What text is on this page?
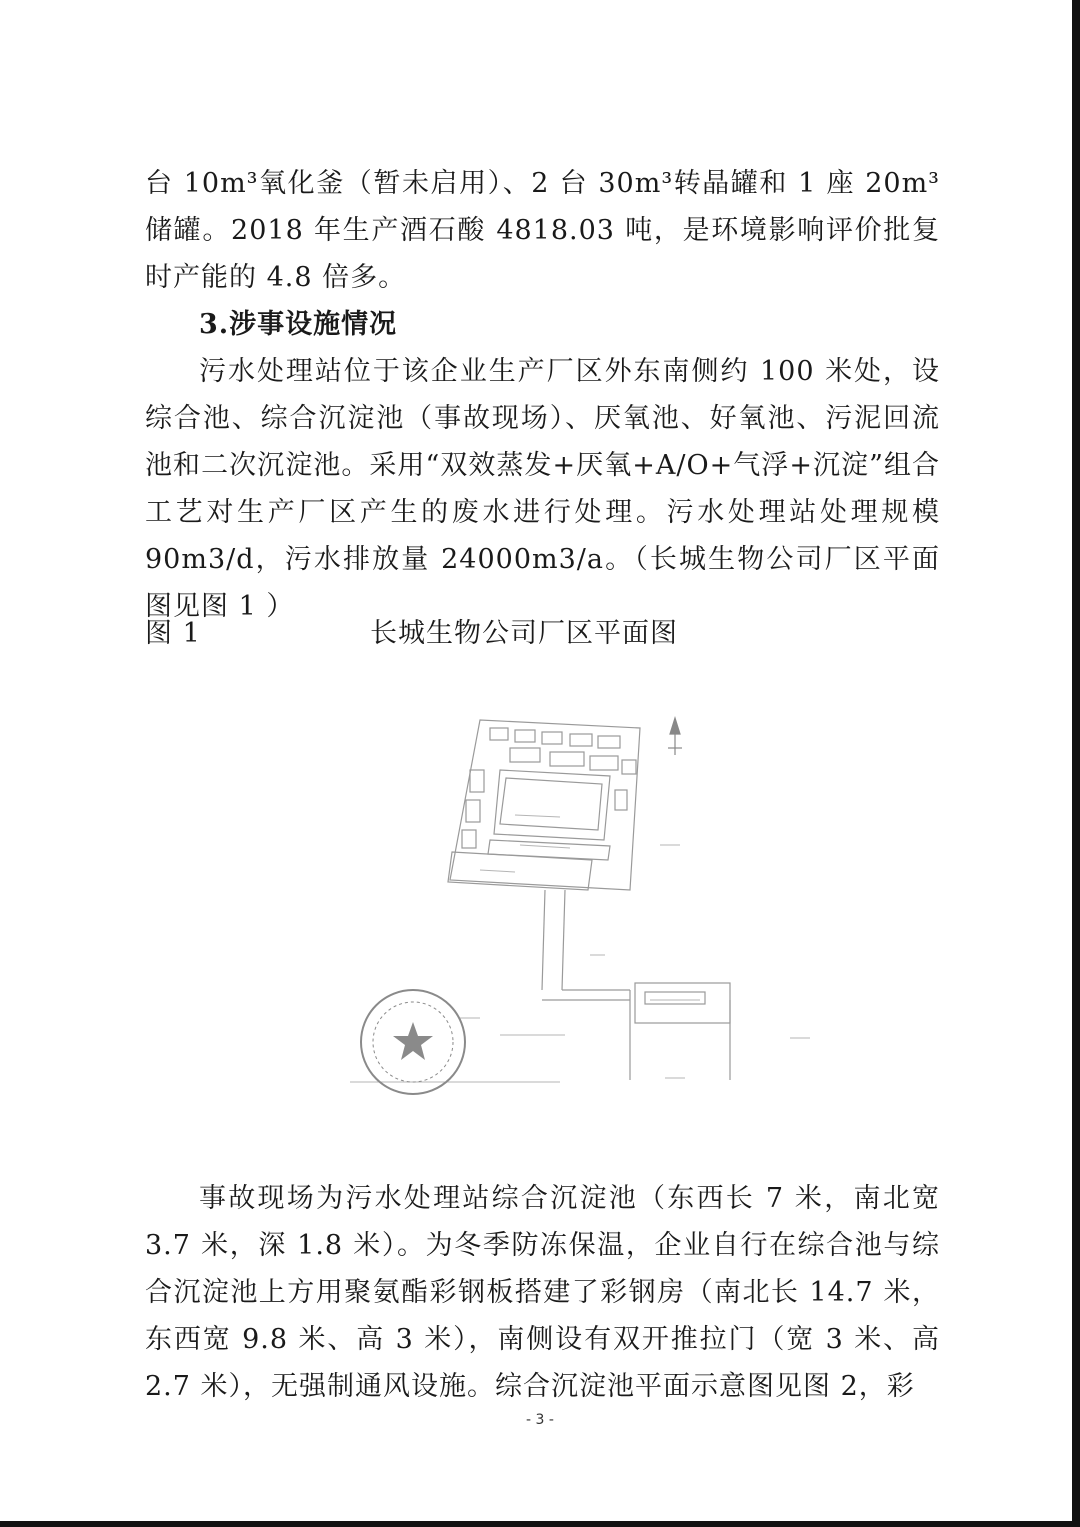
台 10m³氧化釜（暂未启用）、2 台 30m³转晶罐和 1 座 20m³储罐。2018 年生产酒石酸 4818.03 吨，是环境影响评价批复时产能的 4.8 倍多。

3.涉事设施情况

污水处理站位于该企业生产厂区外东南侧约 100 米处，设综合池、综合沉淀池（事故现场）、厌氧池、好氧池、污泥回流池和二次沉淀池。采用“双效蒸发+厌氧+A/O+气浮+沉淀”组合工艺对生产厂区产生的废水进行处理。污水处理站处理规模 90m3/d，污水排放量 24000m3/a。（长城生物公司厂区平面图见图 1 ）

图 1	长城生物公司厂区平面图

事故现场为污水处理站综合沉淀池（东西长 7 米，南北宽 3.7 米，深 1.8 米）。为冬季防冻保温，企业自行在综合池与综合沉淀池上方用聚氨酯彩钢板搭建了彩钢房（南北长 14.7 米，东西宽 9.8 米、高 3 米），南侧设有双开推拉门（宽 3 米、高 2.7 米），无强制通风设施。综合沉淀池平面示意图见图 2，彩

- 3 -
